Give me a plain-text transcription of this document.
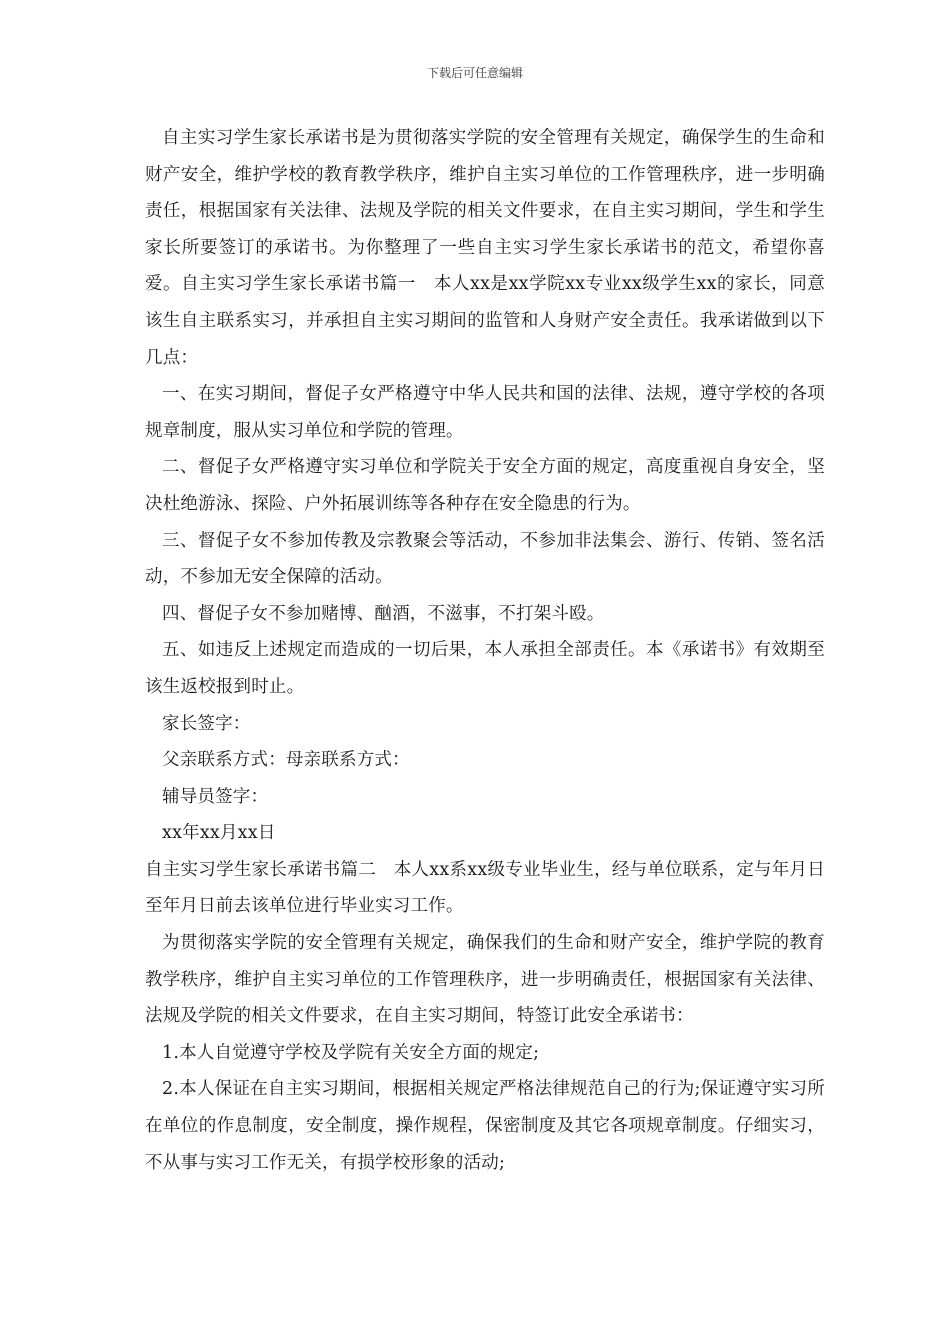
下载后可任意编辑

自主实习学生家长承诺书是为贯彻落实学院的安全管理有关规定，确保学生的生命和财产安全，维护学校的教育教学秩序，维护自主实习单位的工作管理秩序，进一步明确责任，根据国家有关法律、法规及学院的相关文件要求，在自主实习期间，学生和学生家长所要签订的承诺书。为你整理了一些自主实习学生家长承诺书的范文，希望你喜爱。自主实习学生家长承诺书篇一　本人xx是xx学院xx专业xx级学生xx的家长，同意该生自主联系实习，并承担自主实习期间的监管和人身财产安全责任。我承诺做到以下几点：

一、在实习期间，督促子女严格遵守中华人民共和国的法律、法规，遵守学校的各项规章制度，服从实习单位和学院的管理。

二、督促子女严格遵守实习单位和学院关于安全方面的规定，高度重视自身安全，坚决杜绝游泳、探险、户外拓展训练等各种存在安全隐患的行为。

三、督促子女不参加传教及宗教聚会等活动，不参加非法集会、游行、传销、签名活动，不参加无安全保障的活动。

四、督促子女不参加赌博、酗酒，不滋事，不打架斗殴。

五、如违反上述规定而造成的一切后果，本人承担全部责任。本《承诺书》有效期至该生返校报到时止。

家长签字：

父亲联系方式：母亲联系方式：

辅导员签字：

xx年xx月xx日

自主实习学生家长承诺书篇二　本人xx系xx级专业毕业生，经与单位联系，定与年月日至年月日前去该单位进行毕业实习工作。

为贯彻落实学院的安全管理有关规定，确保我们的生命和财产安全，维护学院的教育教学秩序，维护自主实习单位的工作管理秩序，进一步明确责任，根据国家有关法律、法规及学院的相关文件要求，在自主实习期间，特签订此安全承诺书：

1.本人自觉遵守学校及学院有关安全方面的规定;

2.本人保证在自主实习期间，根据相关规定严格法律规范自己的行为;保证遵守实习所在单位的作息制度，安全制度，操作规程，保密制度及其它各项规章制度。仔细实习，不从事与实习工作无关，有损学校形象的活动;
